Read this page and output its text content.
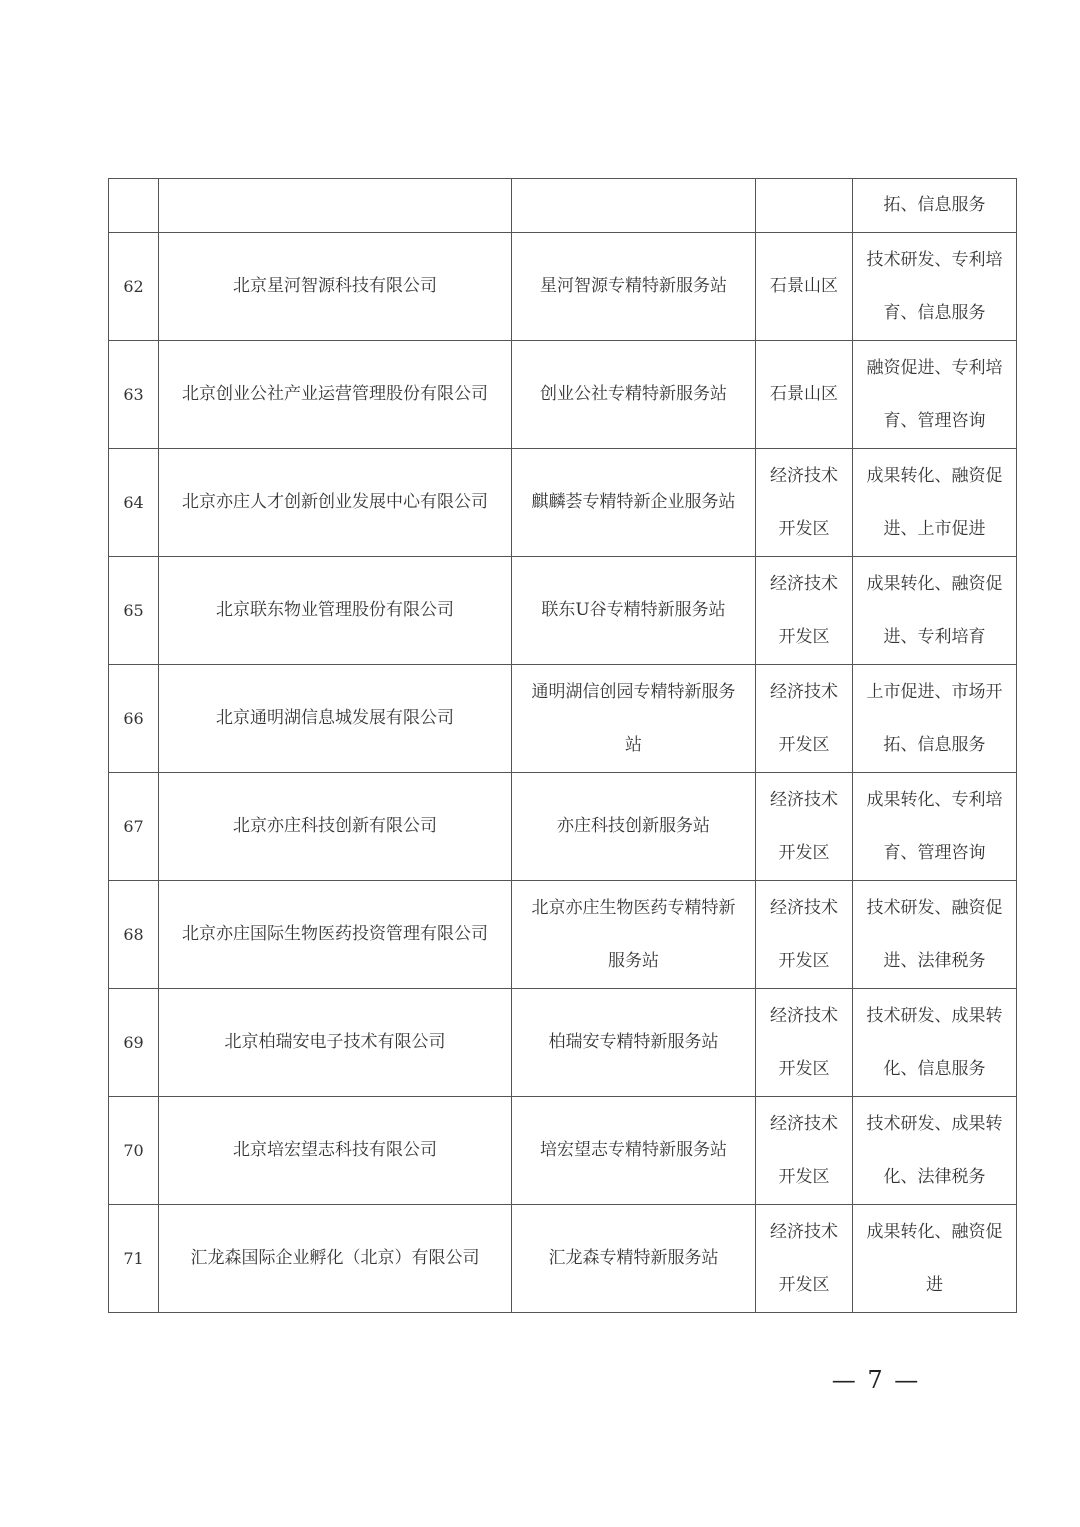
				拓、信息服务
62	北京星河智源科技有限公司	星河智源专精特新服务站	石景山区	技术研发、专利培育、信息服务
63	北京创业公社产业运营管理股份有限公司	创业公社专精特新服务站	石景山区	融资促进、专利培育、管理咨询
64	北京亦庄人才创新创业发展中心有限公司	麒麟荟专精特新企业服务站	经济技术开发区	成果转化、融资促进、上市促进
65	北京联东物业管理股份有限公司	联东U谷专精特新服务站	经济技术开发区	成果转化、融资促进、专利培育
66	北京通明湖信息城发展有限公司	通明湖信创园专精特新服务站	经济技术开发区	上市促进、市场开拓、信息服务
67	北京亦庄科技创新有限公司	亦庄科技创新服务站	经济技术开发区	成果转化、专利培育、管理咨询
68	北京亦庄国际生物医药投资管理有限公司	北京亦庄生物医药专精特新服务站	经济技术开发区	技术研发、融资促进、法律税务
69	北京柏瑞安电子技术有限公司	柏瑞安专精特新服务站	经济技术开发区	技术研发、成果转化、信息服务
70	北京培宏望志科技有限公司	培宏望志专精特新服务站	经济技术开发区	技术研发、成果转化、法律税务
71	汇龙森国际企业孵化（北京）有限公司	汇龙森专精特新服务站	经济技术开发区	成果转化、融资促进
— 7 —
